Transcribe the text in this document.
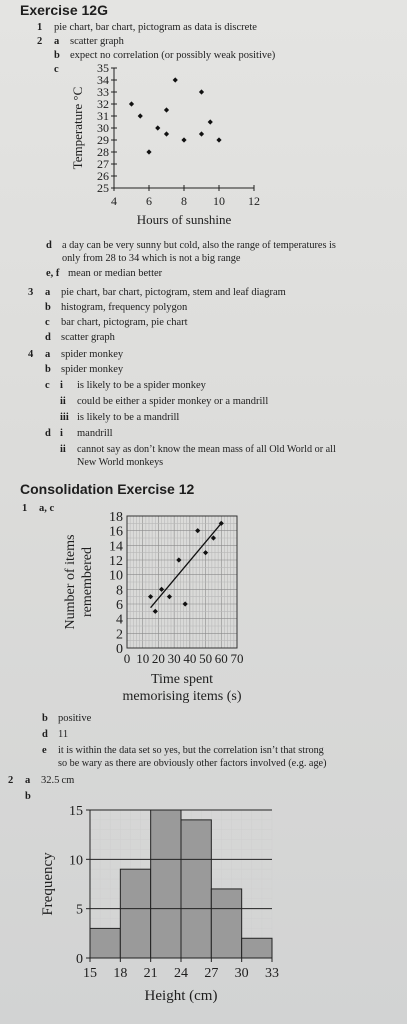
Exercise 12G
1 pie chart, bar chart, pictogram as data is discrete
2 a scatter graph
b expect no correlation (or possibly weak positive)
c
25
26
27
28
29
30
31
32
33
34
35
4 6 8 10 12
Hours of sunshine
Temperature °C
d a day can be very sunny but cold, also the range of temperatures is
only from 28 to 34 which is not a big range
e, f mean or median better
3 a pie chart, bar chart, pictogram, stem and leaf diagram
b histogram, frequency polygon
c bar chart, pictogram, pie chart
d scatter graph
4 a spider monkey
b spider monkey
c i is likely to be a spider monkey
ii could be either a spider monkey or a mandrill
iii is likely to be a mandrill
d i mandrill
ii cannot say as don’t know the mean mass of all Old World or all
New World monkeys
Consolidation Exercise 12
1 a, c
0
2
4
6
8
10
12
14
16
18
0 10 20 30 40 50 60 70
Time spent
memorising items (s)
Number of items remembered
b positive
d 11
e it is within the data set so yes, but the correlation isn’t that strong
so be wary as there are obviously other factors involved (e.g. age)
2 a 32.5 cm
b
0
5
10
15
15 18 21 24 27 30 33
Height (cm)
Frequency
